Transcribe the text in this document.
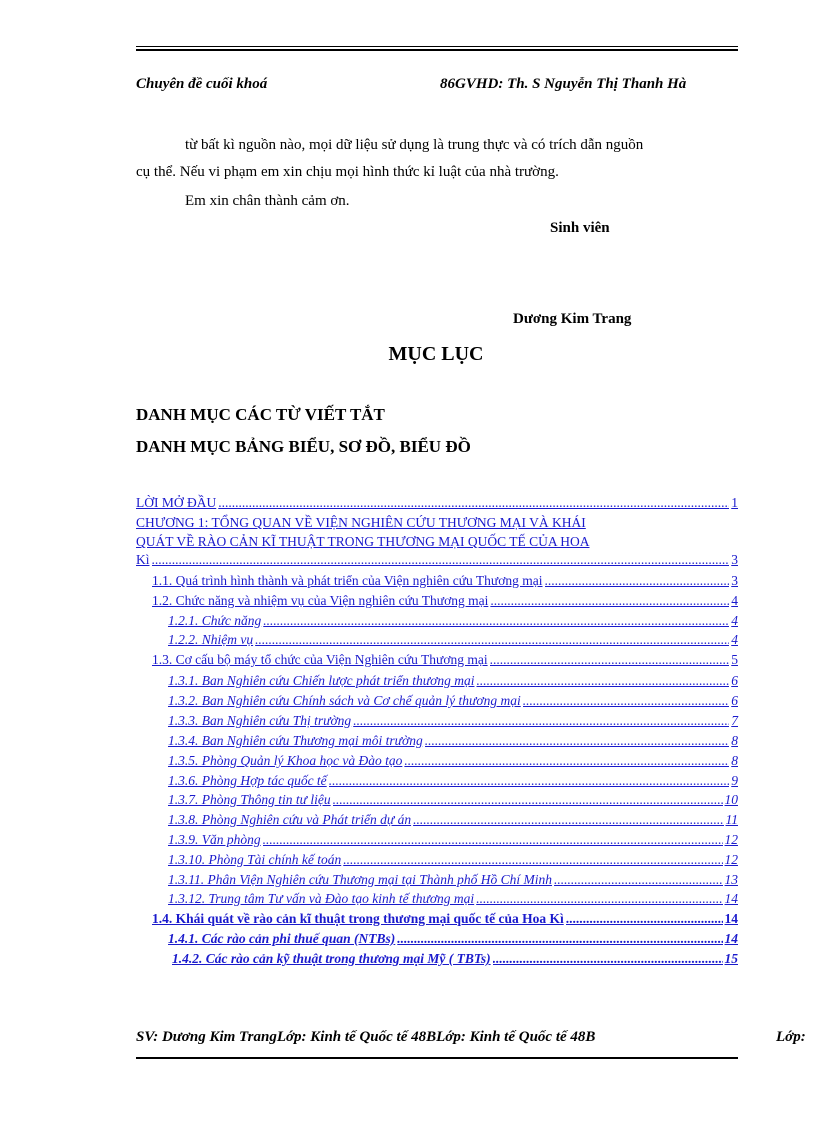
Chuyên đề cuối khoá	86GVHD: Th. S Nguyễn Thị Thanh Hà
từ bất kì nguồn nào, mọi dữ liệu sử dụng là trung thực và có trích dẫn nguồn
cụ thể. Nếu vi phạm em xin chịu mọi hình thức kỉ luật của nhà trường.
Em xin chân thành cảm ơn.
Sinh viên
Dương Kim Trang
MỤC LỤC
DANH MỤC CÁC TỪ VIẾT TẮT
DANH MỤC BẢNG BIỂU, SƠ ĐỒ, BIỂU ĐỒ
LỜI MỞ ĐẦU .....	1
CHƯƠNG 1: TỔNG QUAN VỀ VIỆN NGHIÊN CỨU THƯƠNG MẠI VÀ KHÁI
QUÁT VỀ RÀO CẢN KĨ THUẬT TRONG THƯƠNG MẠI QUỐC TẾ CỦA HOA
Kì .....	3
1.1. Quá trình hình thành và phát triển của Viện nghiên cứu Thương mại .....	3
1.2. Chức năng và nhiệm vụ của Viện nghiên cứu Thương mại .....	4
1.2.1. Chức năng .....	4
1.2.2. Nhiệm vụ .....	4
1.3. Cơ cấu bộ máy tổ chức của Viện Nghiên cứu Thương mại .....	5
1.3.1. Ban Nghiên cứu Chiến lược phát triển thương mại .....	6
1.3.2. Ban Nghiên cứu Chính sách và Cơ chế quản lý thương mại .....	6
1.3.3. Ban Nghiên cứu Thị trường .....	7
1.3.4. Ban Nghiên cứu Thương mại môi trường .....	8
1.3.5. Phòng Quản lý Khoa học và Đào tạo .....	8
1.3.6. Phòng Hợp tác quốc tế .....	9
1.3.7. Phòng Thông tin tư liệu .....	10
1.3.8. Phòng Nghiên cứu và Phát triển dự án .....	11
1.3.9. Văn phòng .....	12
1.3.10. Phòng Tài chính kế toán .....	12
1.3.11. Phân Viện Nghiên cứu Thương mại tại Thành phố Hồ Chí Minh .....	13
1.3.12. Trung tâm Tư vấn và Đào tạo kinh tế thương mại .....	14
1.4. Khái quát về rào cản kĩ thuật trong thương mại quốc tế của Hoa Kì .....	14
1.4.1. Các rào cản phi thuế quan (NTBs) .....	14
1.4.2. Các rào cản kỹ thuật trong thương mại Mỹ ( TBTs) .....	15
SV: Dương Kim TrangLớp: Kinh tế Quốc tế 48BLớp: Kinh tế Quốc tế 48B	Lớp:
